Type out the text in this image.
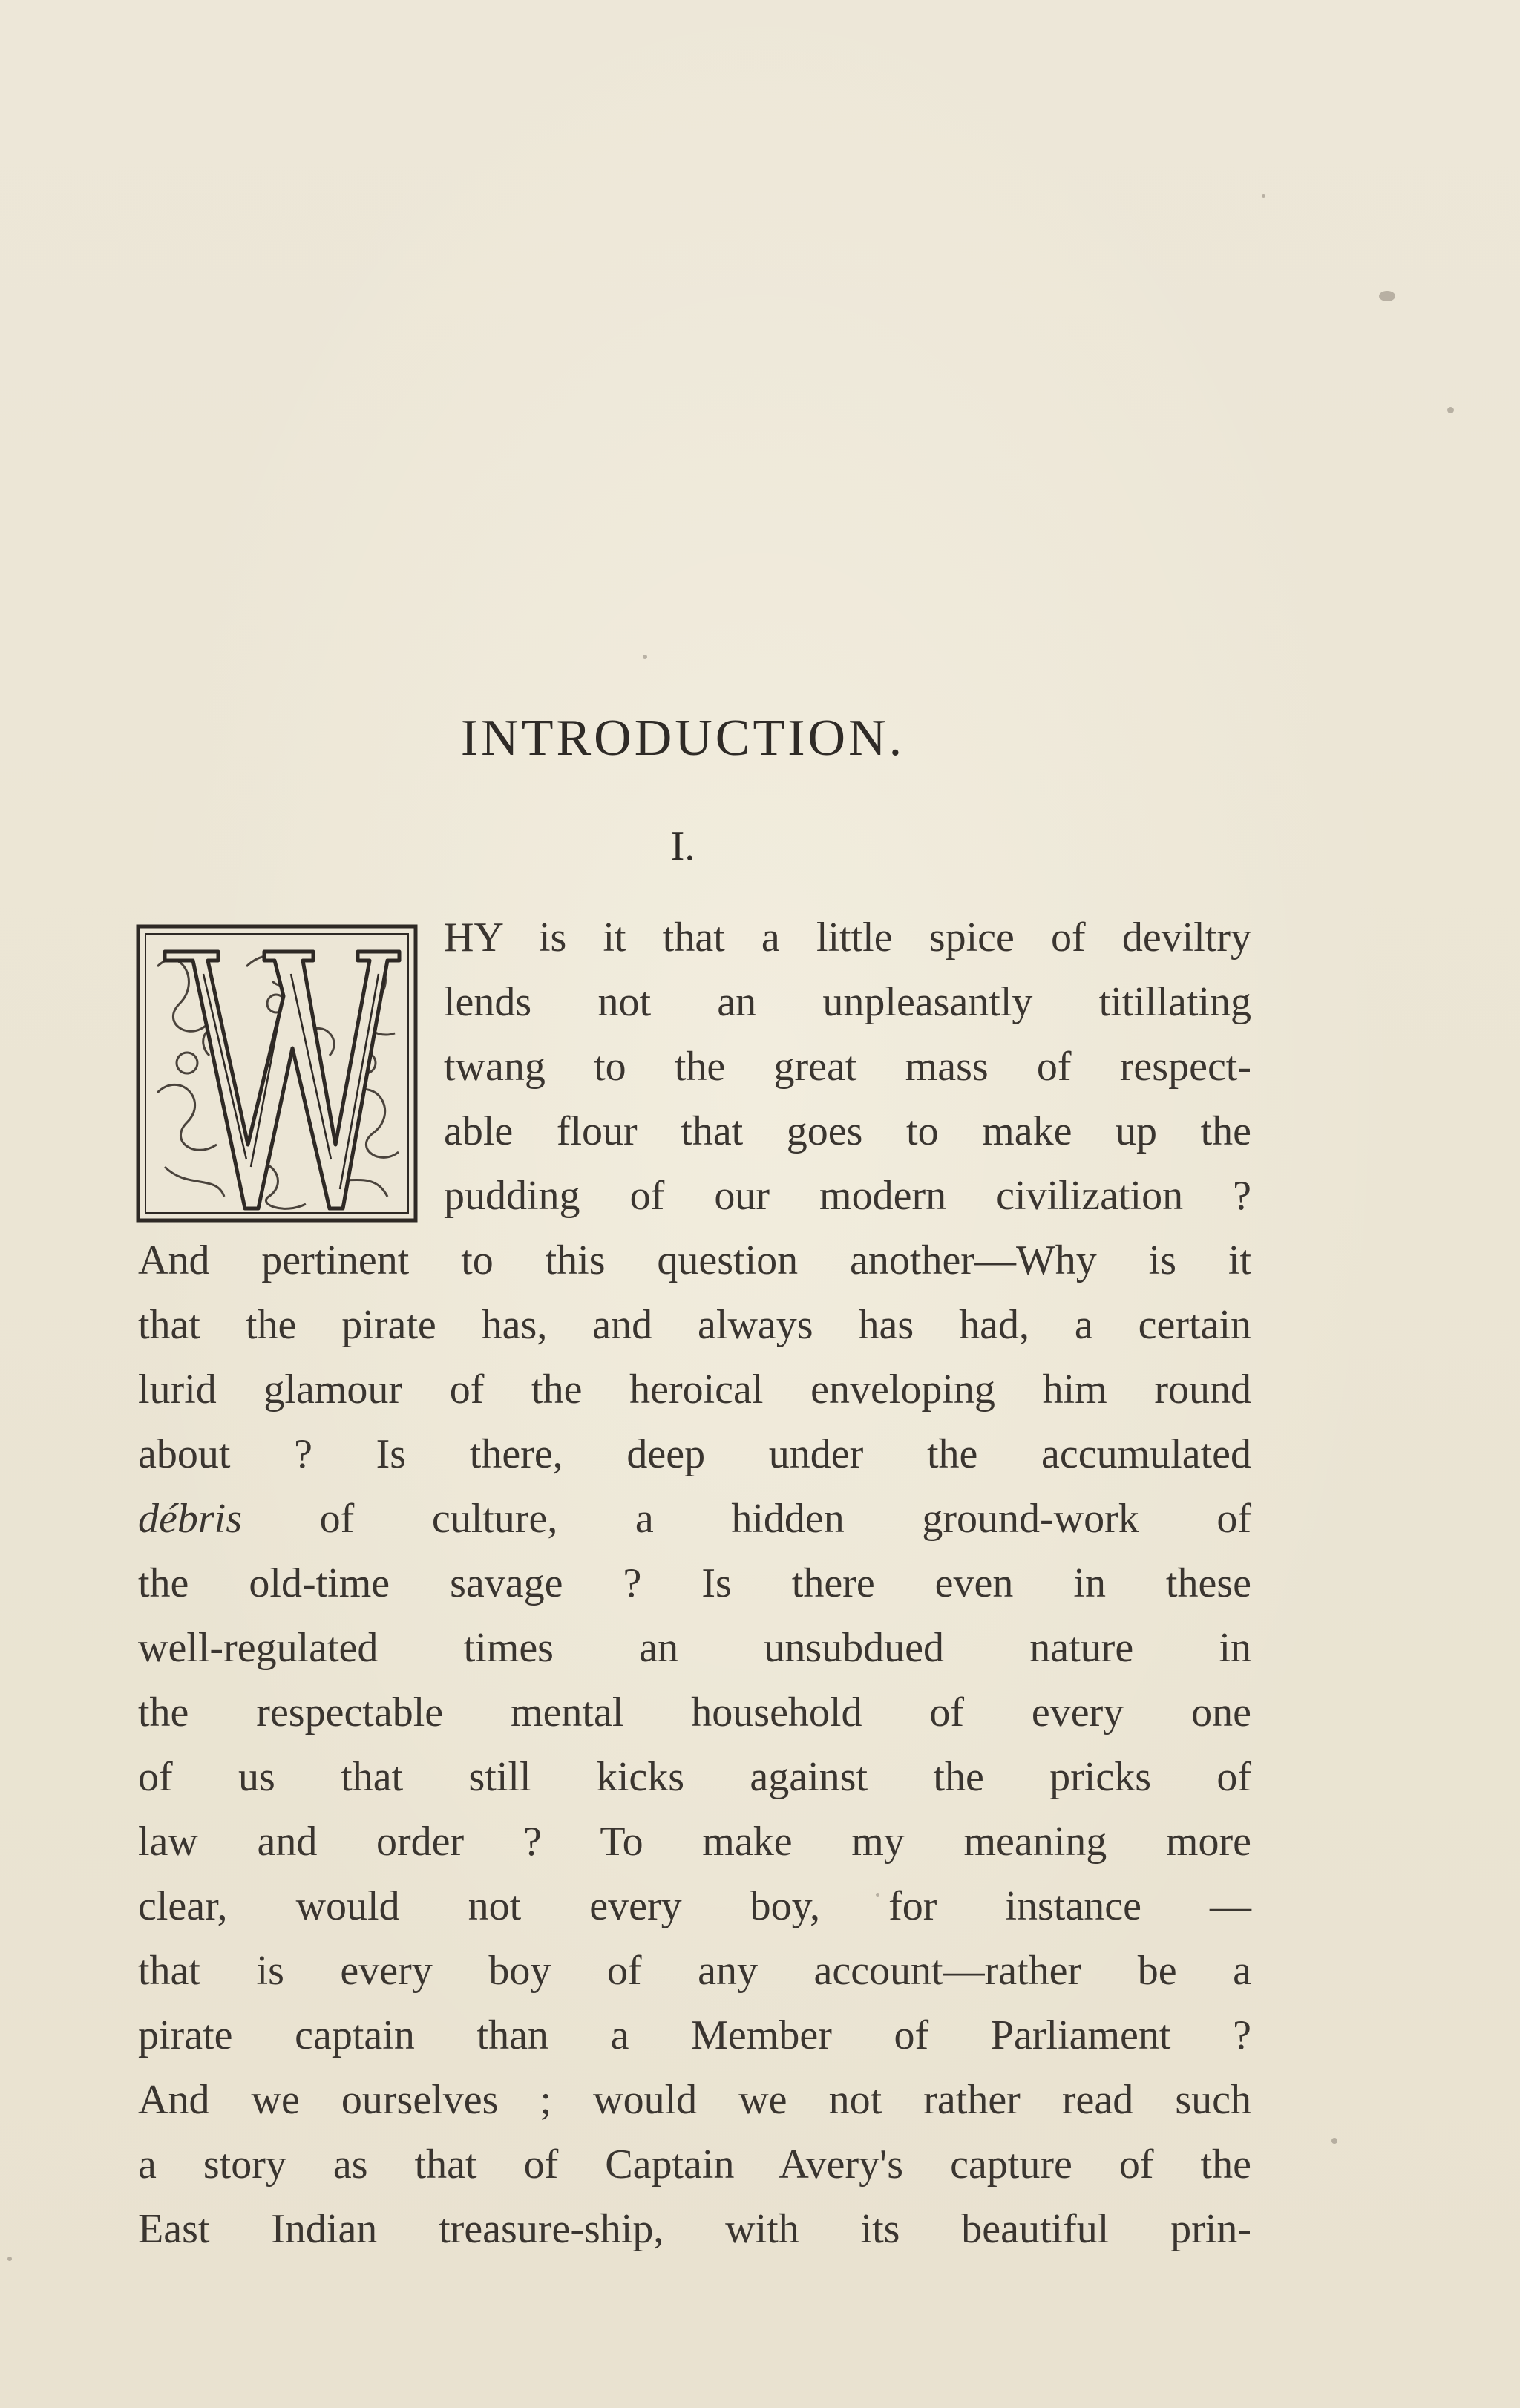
INTRODUCTION.
I.
HY is it that a little spice of deviltry
lends not an unpleasantly titillating
twang to the great mass of respect-
able flour that goes to make up the
pudding of our modern civilization ?
And pertinent to this question another—Why is it
that the pirate has, and always has had, a certain
lurid glamour of the heroical enveloping him round
about ? Is there, deep under the accumulated
débris of culture, a hidden ground-work of
the old-time savage ? Is there even in these
well-regulated times an unsubdued nature in
the respectable mental household of every one
of us that still kicks against the pricks of
law and order ? To make my meaning more
clear, would not every boy, for instance —
that is every boy of any account—rather be a
pirate captain than a Member of Parliament ?
And we ourselves ; would we not rather read such
a story as that of Captain Avery's capture of the
East Indian treasure-ship, with its beautiful prin-
